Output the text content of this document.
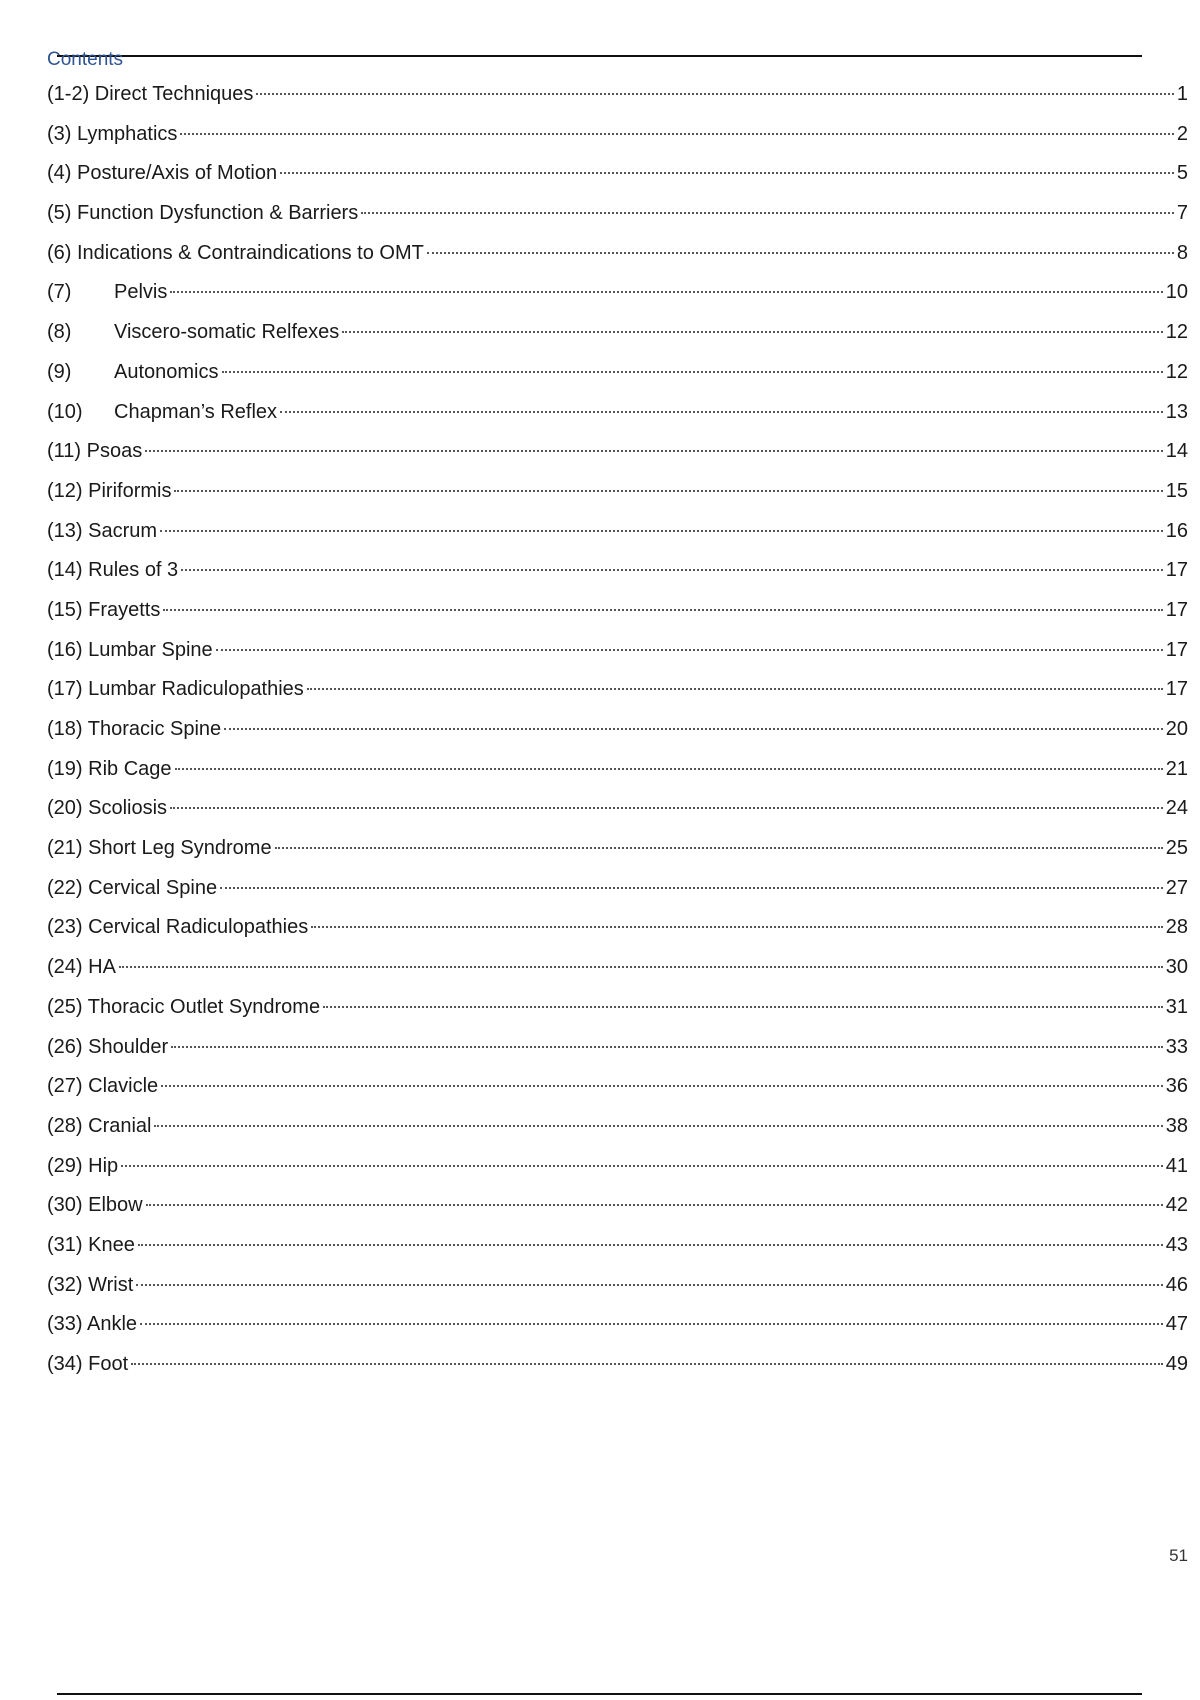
Contents
(1-2) Direct Techniques	1
(3) Lymphatics	2
(4) Posture/Axis of Motion	5
(5) Function Dysfunction & Barriers	7
(6) Indications & Contraindications to OMT	8
(7) Pelvis	10
(8) Viscero-somatic Relfexes	12
(9) Autonomics	12
(10) Chapman’s Reflex	13
(11) Psoas	14
(12) Piriformis	15
(13) Sacrum	16
(14) Rules of 3	17
(15) Frayetts	17
(16) Lumbar Spine	17
(17) Lumbar Radiculopathies	17
(18) Thoracic Spine	20
(19) Rib Cage	21
(20) Scoliosis	24
(21) Short Leg Syndrome	25
(22) Cervical Spine	27
(23) Cervical Radiculopathies	28
(24) HA	30
(25) Thoracic Outlet Syndrome	31
(26) Shoulder	33
(27) Clavicle	36
(28) Cranial	38
(29) Hip	41
(30) Elbow	42
(31) Knee	43
(32) Wrist	46
(33) Ankle	47
(34) Foot	49
51
